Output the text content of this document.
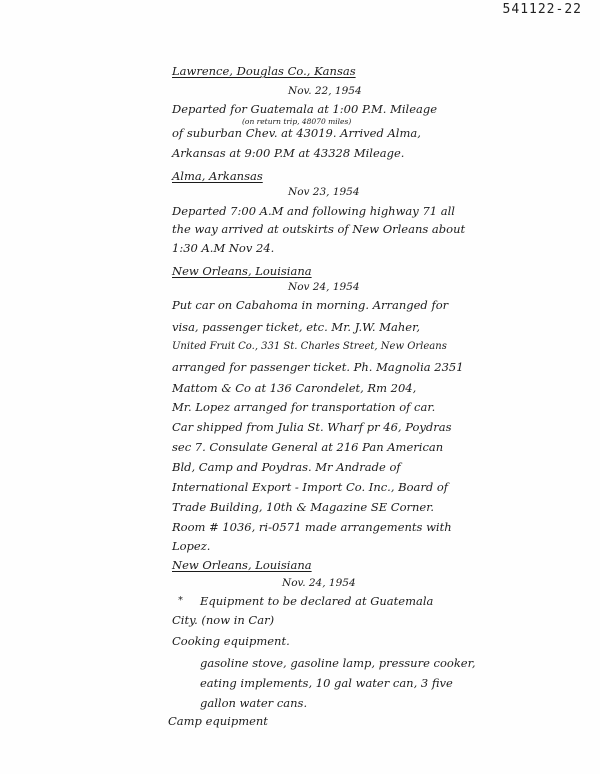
541122-22
Lawrence, Douglas Co., Kansas
Nov. 22, 1954
Departed for Guatemala at 1:00 P.M. Mileage
(on return trip, 48070 miles)
of suburban Chev. at 43019. Arrived Alma,
Arkansas at 9:00 P.M at 43328 Mileage.
Alma, Arkansas
Nov 23, 1954
Departed 7:00 A.M and following highway 71 all
the way arrived at outskirts of New Orleans about
1:30 A.M Nov 24.
New Orleans, Louisiana
Nov 24, 1954
Put car on Cabahoma in morning. Arranged for
visa, passenger ticket, etc. Mr. J.W. Maher,
United Fruit Co., 331 St. Charles Street, New Orleans
arranged for passenger ticket. Ph. Magnolia 2351
Mattom & Co at 136 Carondelet, Rm 204,
Mr. Lopez arranged for transportation of car.
Car shipped from Julia St. Wharf pr 46, Poydras
sec 7. Consulate General at 216 Pan American
Bld, Camp and Poydras. Mr Andrade of
International Export - Import Co. Inc., Board of
Trade Building, 10th & Magazine SE Corner.
Room # 1036, ri-0571 made arrangements with
Lopez.
New Orleans, Louisiana
Nov. 24, 1954
* Equipment to be declared at Guatemala
City. (now in Car)
Cooking equipment.
gasoline stove, gasoline lamp, pressure cooker,
eating implements, 10 gal water can, 3 five
gallon water cans.
Camp equipment
